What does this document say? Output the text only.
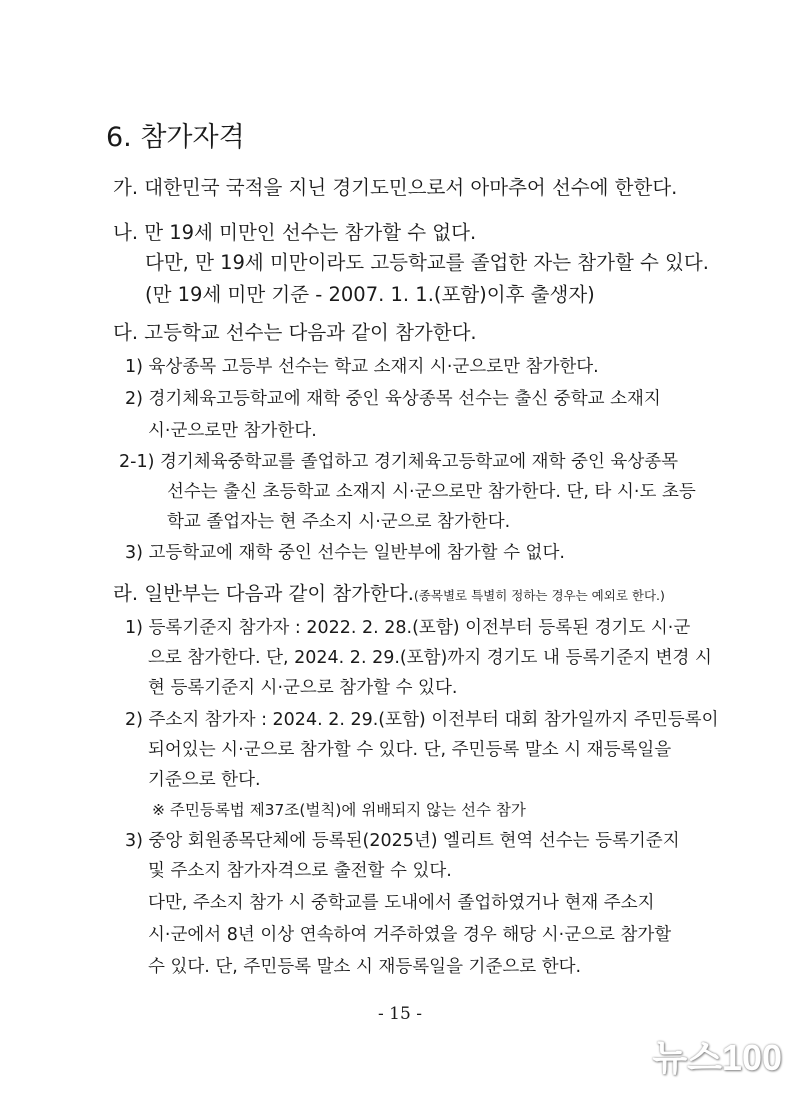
6. 참가자격
가. 대한민국 국적을 지닌 경기도민으로서 아마추어 선수에 한한다.
나. 만 19세 미만인 선수는 참가할 수 없다.
다만, 만 19세 미만이라도 고등학교를 졸업한 자는 참가할 수 있다.
(만 19세 미만 기준 - 2007. 1. 1.(포함)이후 출생자)
다. 고등학교 선수는 다음과 같이 참가한다.
1) 육상종목 고등부 선수는 학교 소재지 시·군으로만 참가한다.
2) 경기체육고등학교에 재학 중인 육상종목 선수는 출신 중학교 소재지
시·군으로만 참가한다.
2-1) 경기체육중학교를 졸업하고 경기체육고등학교에 재학 중인 육상종목
선수는 출신 초등학교 소재지 시·군으로만 참가한다. 단, 타 시·도 초등
학교 졸업자는 현 주소지 시·군으로 참가한다.
3) 고등학교에 재학 중인 선수는 일반부에 참가할 수 없다.
라. 일반부는 다음과 같이 참가한다.(종목별로 특별히 정하는 경우는 예외로 한다.)
1) 등록기준지 참가자 : 2022. 2. 28.(포함) 이전부터 등록된 경기도 시·군
으로 참가한다. 단, 2024. 2. 29.(포함)까지 경기도 내 등록기준지 변경 시
현 등록기준지 시·군으로 참가할 수 있다.
2) 주소지 참가자 : 2024. 2. 29.(포함) 이전부터 대회 참가일까지 주민등록이
되어있는 시·군으로 참가할 수 있다. 단, 주민등록 말소 시 재등록일을
기준으로 한다.
※ 주민등록법 제37조(벌칙)에 위배되지 않는 선수 참가
3) 중앙 회원종목단체에 등록된(2025년) 엘리트 현역 선수는 등록기준지
및 주소지 참가자격으로 출전할 수 있다.
다만, 주소지 참가 시 중학교를 도내에서 졸업하였거나 현재 주소지
시·군에서 8년 이상 연속하여 거주하였을 경우 해당 시·군으로 참가할
수 있다. 단, 주민등록 말소 시 재등록일을 기준으로 한다.
- 15 -
뉴스100
